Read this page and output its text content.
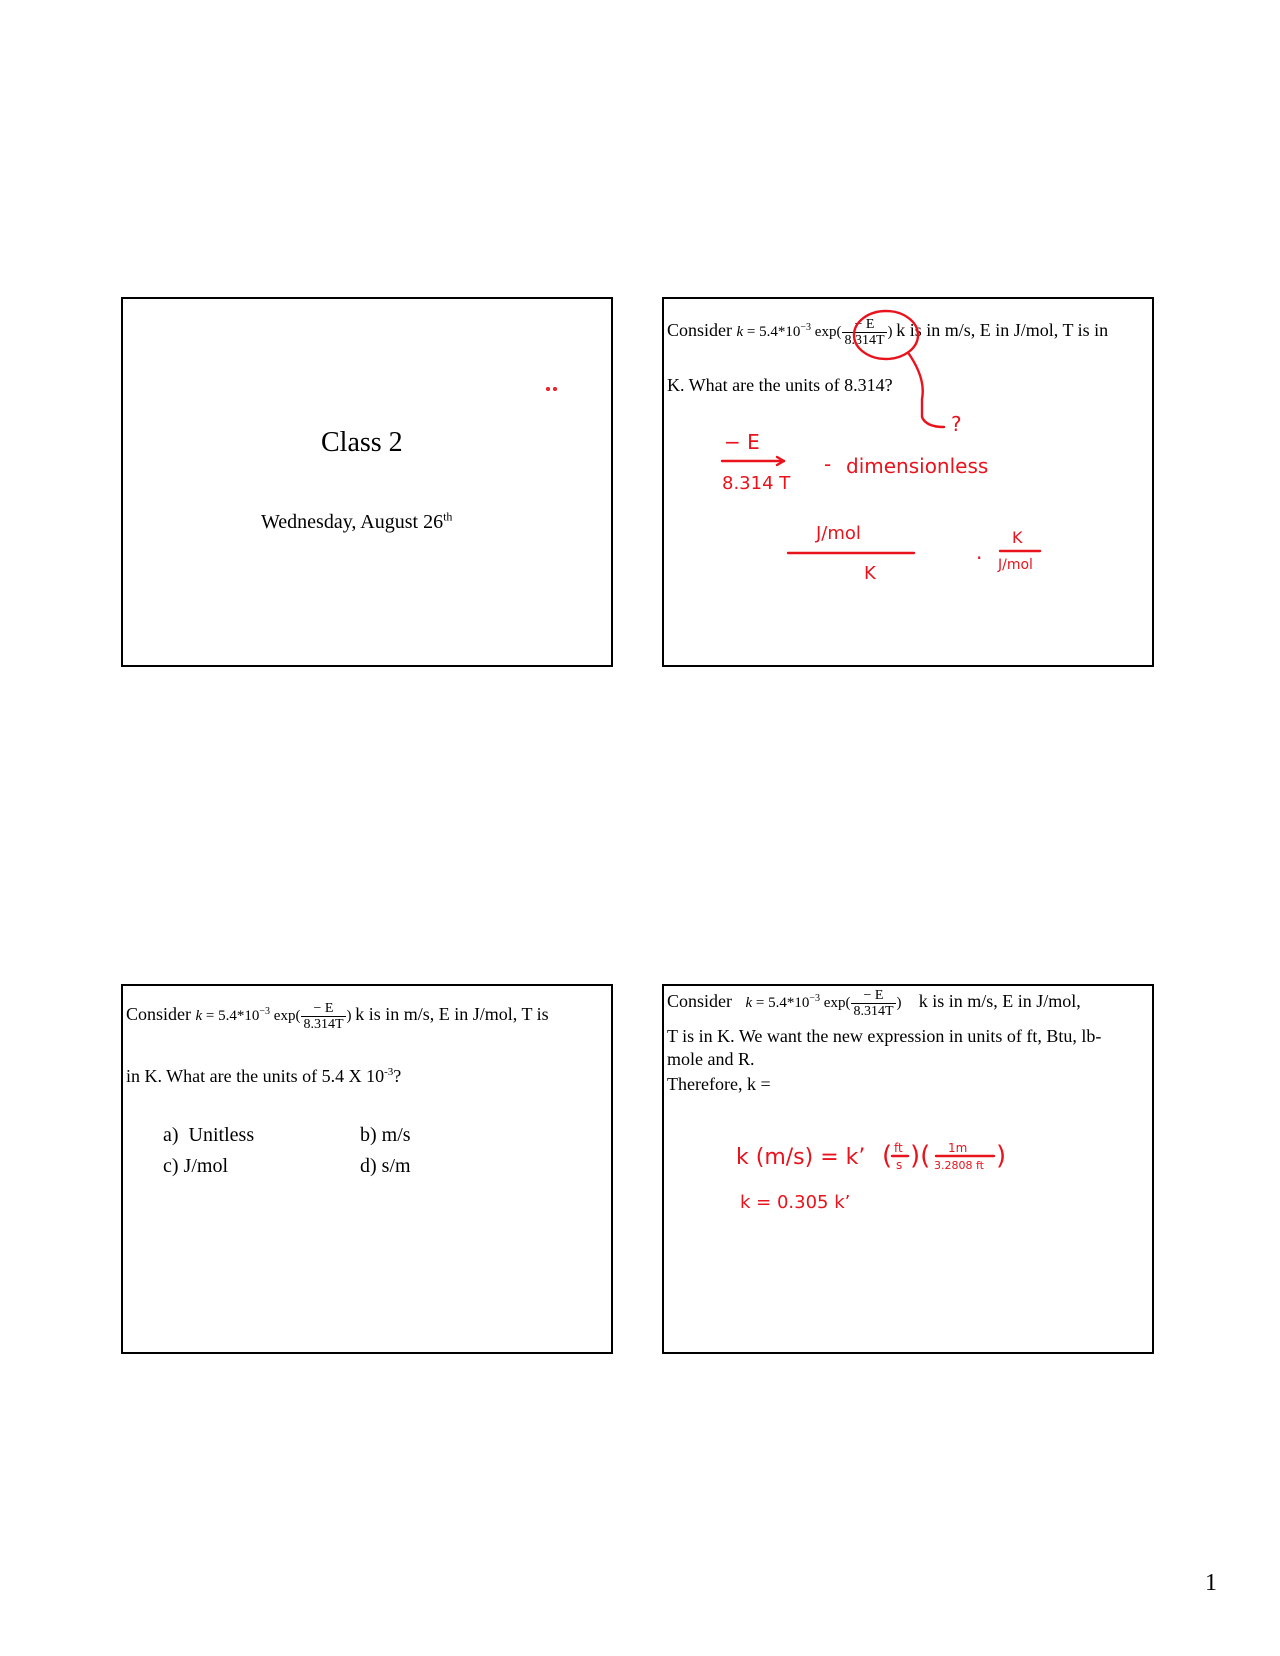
Class 2
Wednesday, August 26th
Consider $k = 5.4*10^{-3}$ $\exp( \frac{- E}{8.314T}$ ) k is in m/s, E in J/mol, T is in
K. What are the units of 8.314?
?
− E
8.314 T
- dimensionless
J/mol
K
·
K
J/mol
Consider $k = 5.4*10^{-3}$ $\exp( \frac{- E}{8.314T}$ ) k is in m/s, E in J/mol, T is
in K. What are the units of 5.4 X $10^{-3}$?
a) Unitless	b) m/s
c) J/mol	d) s/m
Consider $k = 5.4*10^{-3}$ $\exp( \frac{- E}{8.314T}$ ) k is in m/s, E in J/mol,
T is in K. We want the new expression in units of ft, Btu, lb-
mole and R.
Therefore, k =
k (m/s) = k’ ( ft
s )( 1m
3.2808 ft )
k = 0.305 k’
1
